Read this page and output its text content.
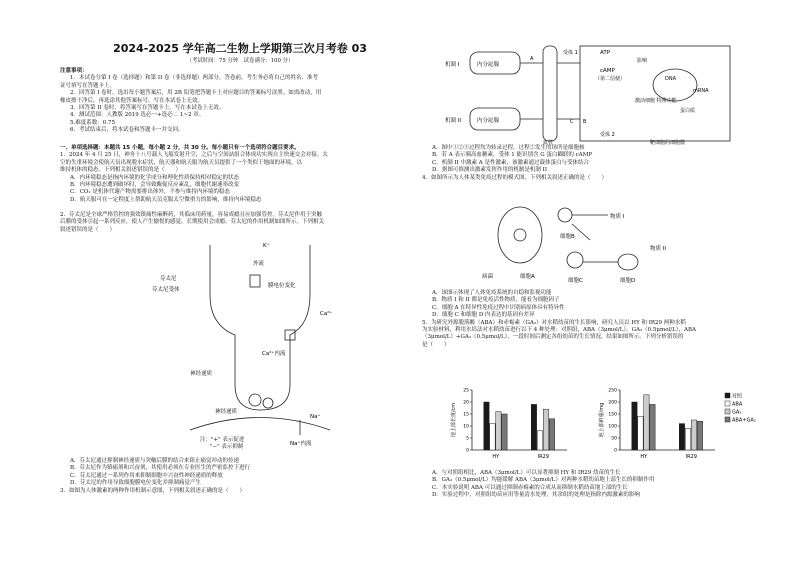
2024-2025 学年高二生物上学期第三次月考卷 03
（考试时间：75 分钟　试卷满分：100 分）

注意事项：

1．本试卷分第 I 卷（选择题）和第 II 卷（非选择题）两部分。答卷前，考生务必将自己的姓名、准考

证号填写在答题卡上。

2．回答第 I 卷时，选出每小题答案后，用 2B 铅笔把答题卡上对应题目的答案标号涂黑。如需改动，用

橡皮擦干净后，再选涂其他答案标号。写在本试卷上无效。

3．回答第 II 卷时，将答案写在答题卡上。写在本试卷上无效。

4．测试范围：人教版 2019 选必一+选必二 1~2 章。

5.难度系数：0.75

6．考试结束后，将本试卷和答题卡一并交回。

一、单项选择题：本题共 15 小题，每小题 2 分，共 30 分。每小题只有一个选项符合题目要求。

1．2024 年 4 月 25 日，神舟十八号载人飞船发射升空，之后与空间站组合体成功实现自主快速交会对接。太

空的失重环境会使航天员出现脱水症状，航天器和航天服为航天员提供了一个类似于地面的环境，以

维持机体的稳态。下列相关叙述错误的是（　　）

A．内环境稳态是指内环境的化学成分和理化性质保持相对稳定的状态

B．内环境稳态遭到破坏时，会导致酶促反应紊乱，细胞代谢速率改变

C．CO₂ 是机体代谢产物需要排出体外，不参与维持内环境的稳态

D．航天服可在一定程度上帮助航天员克服太空微重力的影响，维持内环境稳态

2．芬太尼是全球严格管控的强效镇痛性麻醉药，其临床用药量，容易成瘾且应加强管控。芬太尼作用于突触

后膜的受体引起一系列反应，使人产生愉悦的感觉，长期使用会成瘾。芬太尼的作用机制如图所示。下列相关

叙述错误的是（　　）

K⁺
外流
芬太尼
芬太尼受体
膜电位变化
Ca²⁺
Ca²⁺内流
神经递质
神经递质
Na⁺
Na⁺内流

注："+" 表示促进

"−" 表示抑制

A．芬太尼通过抑制神经递质与突触后膜的结合来阻止痛觉冲动的传递

B．芬太尼作为镇痛剂和兴奋剂，其使用必须在专业医生的严密监控下进行

C．芬太尼通过一系列作用来抑制细胞中兴奋性神经递质的释放

D．芬太尼的作用导致细胞膜电位变化并抑制痛觉产生

3．如图为人体激素的两种作用机制示意图，下列相关叙述正确的是（　　）

机制 I
机制 II
内分泌腺
内分泌腺
受体 1	ATP
cAMP
（第二信使）
影响
DNA
mRNA
蛋白质
激活细胞 特殊功能
血管
受体 2
靶细胞的细胞膜
A
B
C

A．图中①②③过程均为转录过程，过程②发生的场所是细胞核

B．若 A 表示胰高血糖素，受体 1 能识别含 G 蛋白耦联的 cAMP

C．机制 II 中激素 A 是性激素，该激素通过载体蛋白与受体结合

D．据图可推测出激素发挥作用的机制是机制 II

4．如图所示为人体某类免疫过程的模式图，下列相关叙述正确的是（　　）

细胞B
物质 I
物质 II
病菌	细胞A
细胞C	细胞D

A．该图示体现了人体免疫系统的自稳和监视功能

B．物质 I 和 II 都是免疫活性物质，能看为细胞因子

C．细胞 A 在特异性免疫过程中识别病原体具有特异性

D．细胞 C 和细胞 D 内表达的基因有差异

5．为研究外源脱落酸（ABA）和赤霉素（GA₃）对水稻幼苗的生长影响，研究人员以 HY 和 IR29 两种水稻

为实验材料，利用水培法对水稻幼苗进行以下 4 种处理：对照组，ABA（3μmol/L），GA₃（0.5μmol/L），ABA

（3μmol/L）+GA₃（0.5μmol/L），一段时间后测定各组幼苗的生长情况，结果如图所示。下列分析错误的

是（　　）

0
5
10
15
20
25
地上部长度/cm
HY	IR29
0
50
100
150
200
250
地上部鲜重/mg
HY	IR29
对照
ABA
GA₃
ABA+GA₃

A．与对照组相比，ABA（3μmol/L）可以显著抑制 HY 和 IR29 幼苗的生长

B．GA₃（0.5μmol/L）均能缓解 ABA（3μmol/L）对两种水稻幼苗地上部生长的抑制作用

C．本实验说明 ABA 可以通过抑制赤霉素的合成从而抑制水稻幼苗地上部的生长

D．实验过程中，对照组幼苗应用等量清水处理，其余组的处理是指除内源激素的影响
